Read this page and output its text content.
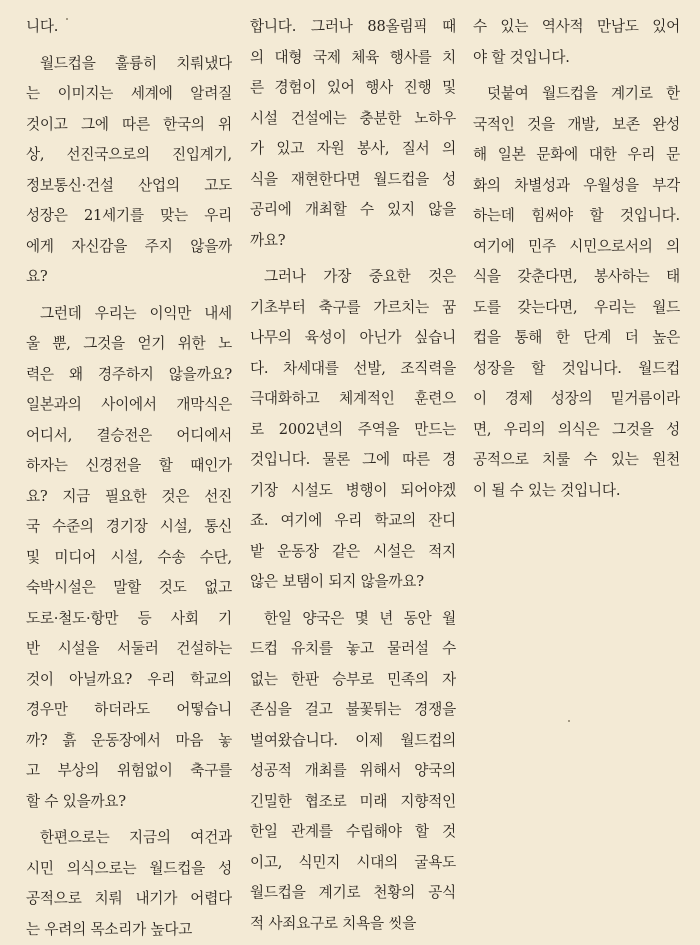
니다.
월드컵을 훌륭히 치뤄냈다
는 이미지는 세계에 알려질
것이고 그에 따른 한국의 위
상, 선진국으로의 진입계기,
정보통신·건설 산업의 고도
성장은 21세기를 맞는 우리
에게 자신감을 주지 않을까
요?
그런데 우리는 이익만 내세
울 뿐, 그것을 얻기 위한 노
력은 왜 경주하지 않을까요?
일본과의 사이에서 개막식은
어디서, 결승전은 어디에서
하자는 신경전을 할 때인가
요? 지금 필요한 것은 선진
국 수준의 경기장 시설, 통신
및 미디어 시설, 수송 수단,
숙박시설은 말할 것도 없고
도로·철도·항만 등 사회 기
반 시설을 서둘러 건설하는
것이 아닐까요? 우리 학교의
경우만 하더라도 어떻습니
까? 흙 운동장에서 마음 놓
고 부상의 위험없이 축구를
할 수 있을까요?
한편으로는 지금의 여건과
시민 의식으로는 월드컵을 성
공적으로 치뤄 내기가 어렵다
는 우려의 목소리가 높다고
합니다. 그러나 88올림픽 때
의 대형 국제 체육 행사를 치
른 경험이 있어 행사 진행 및
시설 건설에는 충분한 노하우
가 있고 자원 봉사, 질서 의
식을 재현한다면 월드컵을 성
공리에 개최할 수 있지 않을
까요?
그러나 가장 중요한 것은
기초부터 축구를 가르치는 꿈
나무의 육성이 아닌가 싶습니
다. 차세대를 선발, 조직력을
극대화하고 체계적인 훈련으
로 2002년의 주역을 만드는
것입니다. 물론 그에 따른 경
기장 시설도 병행이 되어야겠
죠. 여기에 우리 학교의 잔디
밭 운동장 같은 시설은 적지
않은 보탬이 되지 않을까요?
한일 양국은 몇 년 동안 월
드컵 유치를 놓고 물러설 수
없는 한판 승부로 민족의 자
존심을 걸고 불꽃튀는 경쟁을
벌여왔습니다. 이제 월드컵의
성공적 개최를 위해서 양국의
긴밀한 협조로 미래 지향적인
한일 관계를 수립해야 할 것
이고, 식민지 시대의 굴욕도
월드컵을 계기로 천황의 공식
적 사죄요구로 치욕을 씻을
수 있는 역사적 만남도 있어
야 할 것입니다.
덧붙여 월드컵을 계기로 한
국적인 것을 개발, 보존 완성
해 일본 문화에 대한 우리 문
화의 차별성과 우월성을 부각
하는데 힘써야 할 것입니다.
여기에 민주 시민으로서의 의
식을 갖춘다면, 봉사하는 태
도를 갖는다면, 우리는 월드
컵을 통해 한 단계 더 높은
성장을 할 것입니다. 월드컵
이 경제 성장의 밑거름이라
면, 우리의 의식은 그것을 성
공적으로 치룰 수 있는 원천
이 될 수 있는 것입니다.
